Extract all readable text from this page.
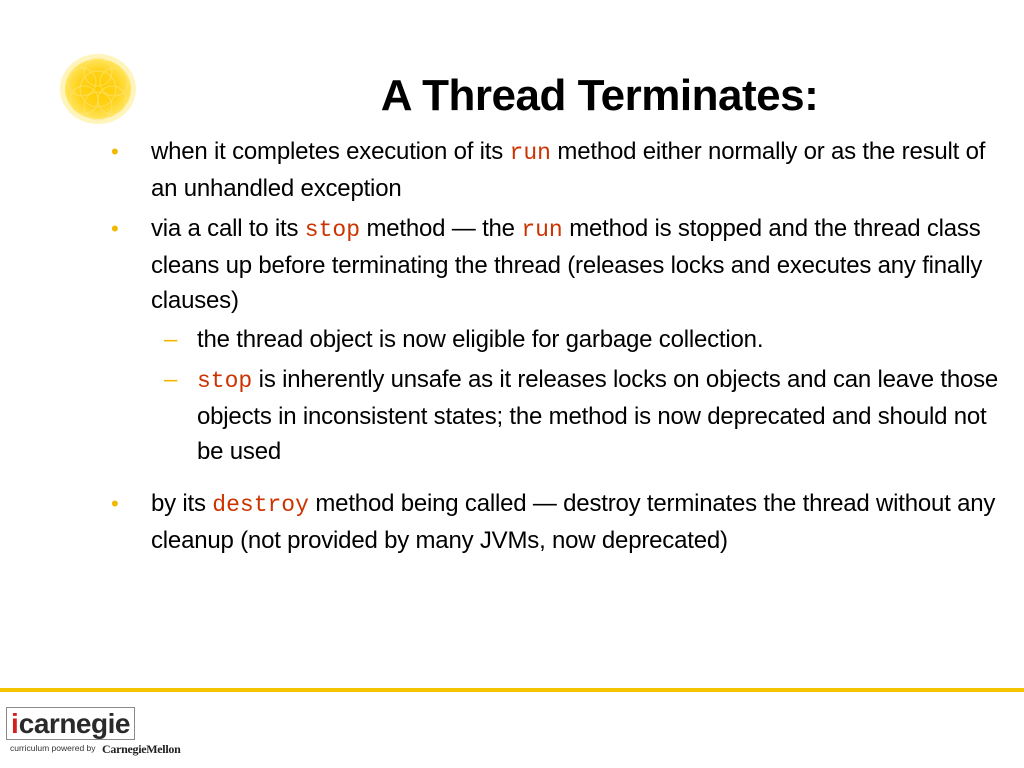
A Thread Terminates:

• when it completes execution of its run method either normally or as the result of an unhandled exception

• via a call to its stop method — the run method is stopped and the thread class cleans up before terminating the thread (releases locks and executes any finally clauses)

– the thread object is now eligible for garbage collection.

– stop is inherently unsafe as it releases locks on objects and can leave those objects in inconsistent states; the method is now deprecated and should not be used

• by its destroy method being called — destroy terminates the thread without any cleanup (not provided by many JVMs, now deprecated)

i carnegie
curriculum powered by CarnegieMellon
